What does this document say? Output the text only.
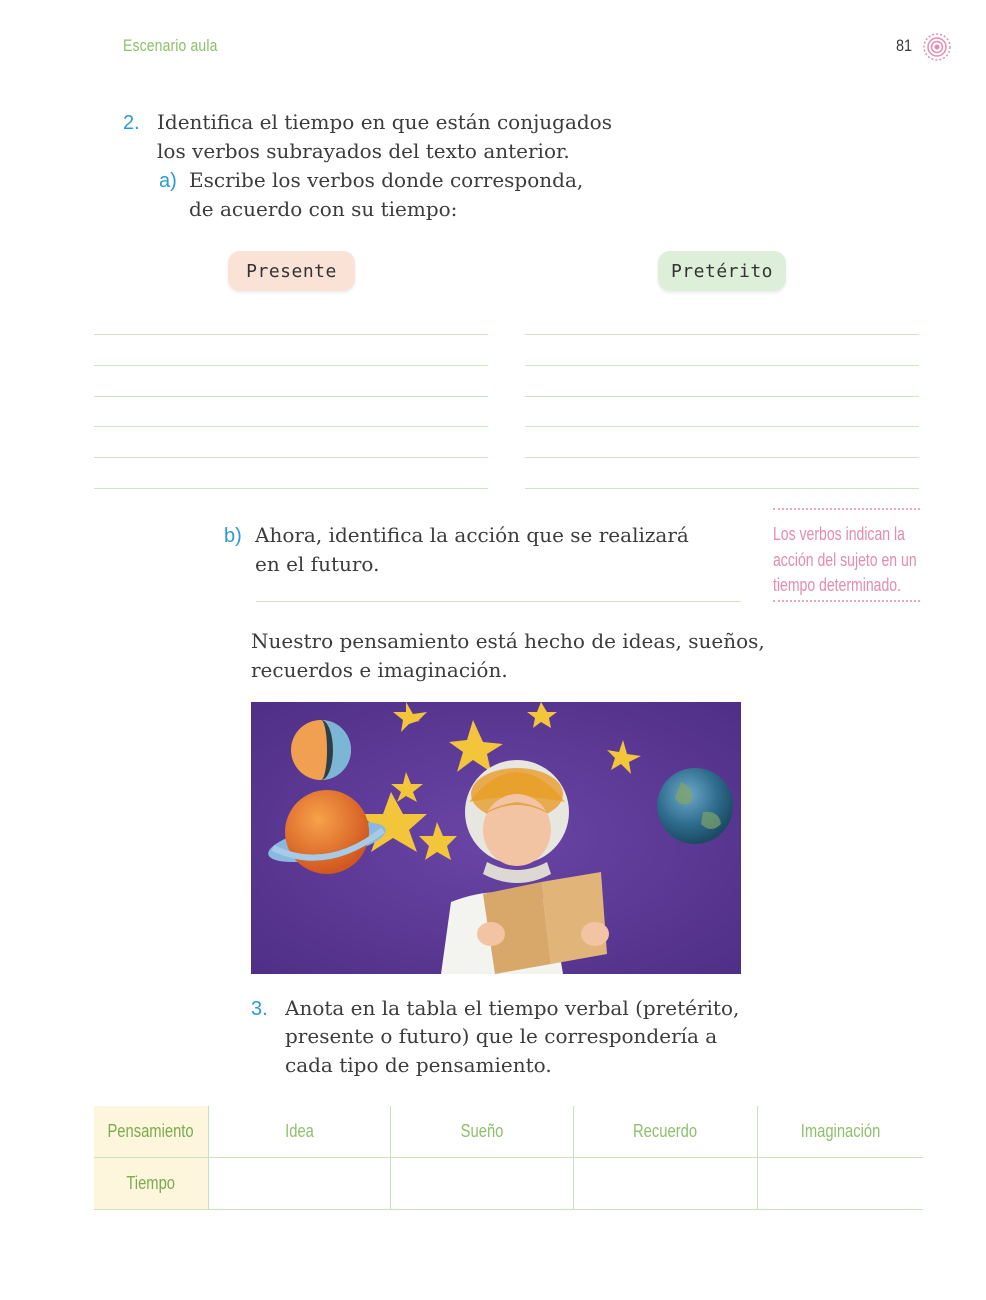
Escenario aula	81
2. Identifica el tiempo en que están conjugados
los verbos subrayados del texto anterior.
a) Escribe los verbos donde corresponda,
de acuerdo con su tiempo:
Presente	Pretérito
b) Ahora, identifica la acción que se realizará
en el futuro.
Los verbos indican la
acción del sujeto en un
tiempo determinado.
Nuestro pensamiento está hecho de ideas, sueños,
recuerdos e imaginación.
3. Anota en la tabla el tiempo verbal (pretérito,
presente o futuro) que le correspondería a
cada tipo de pensamiento.
Pensamiento	Idea	Sueño	Recuerdo	Imaginación
Tiempo				
